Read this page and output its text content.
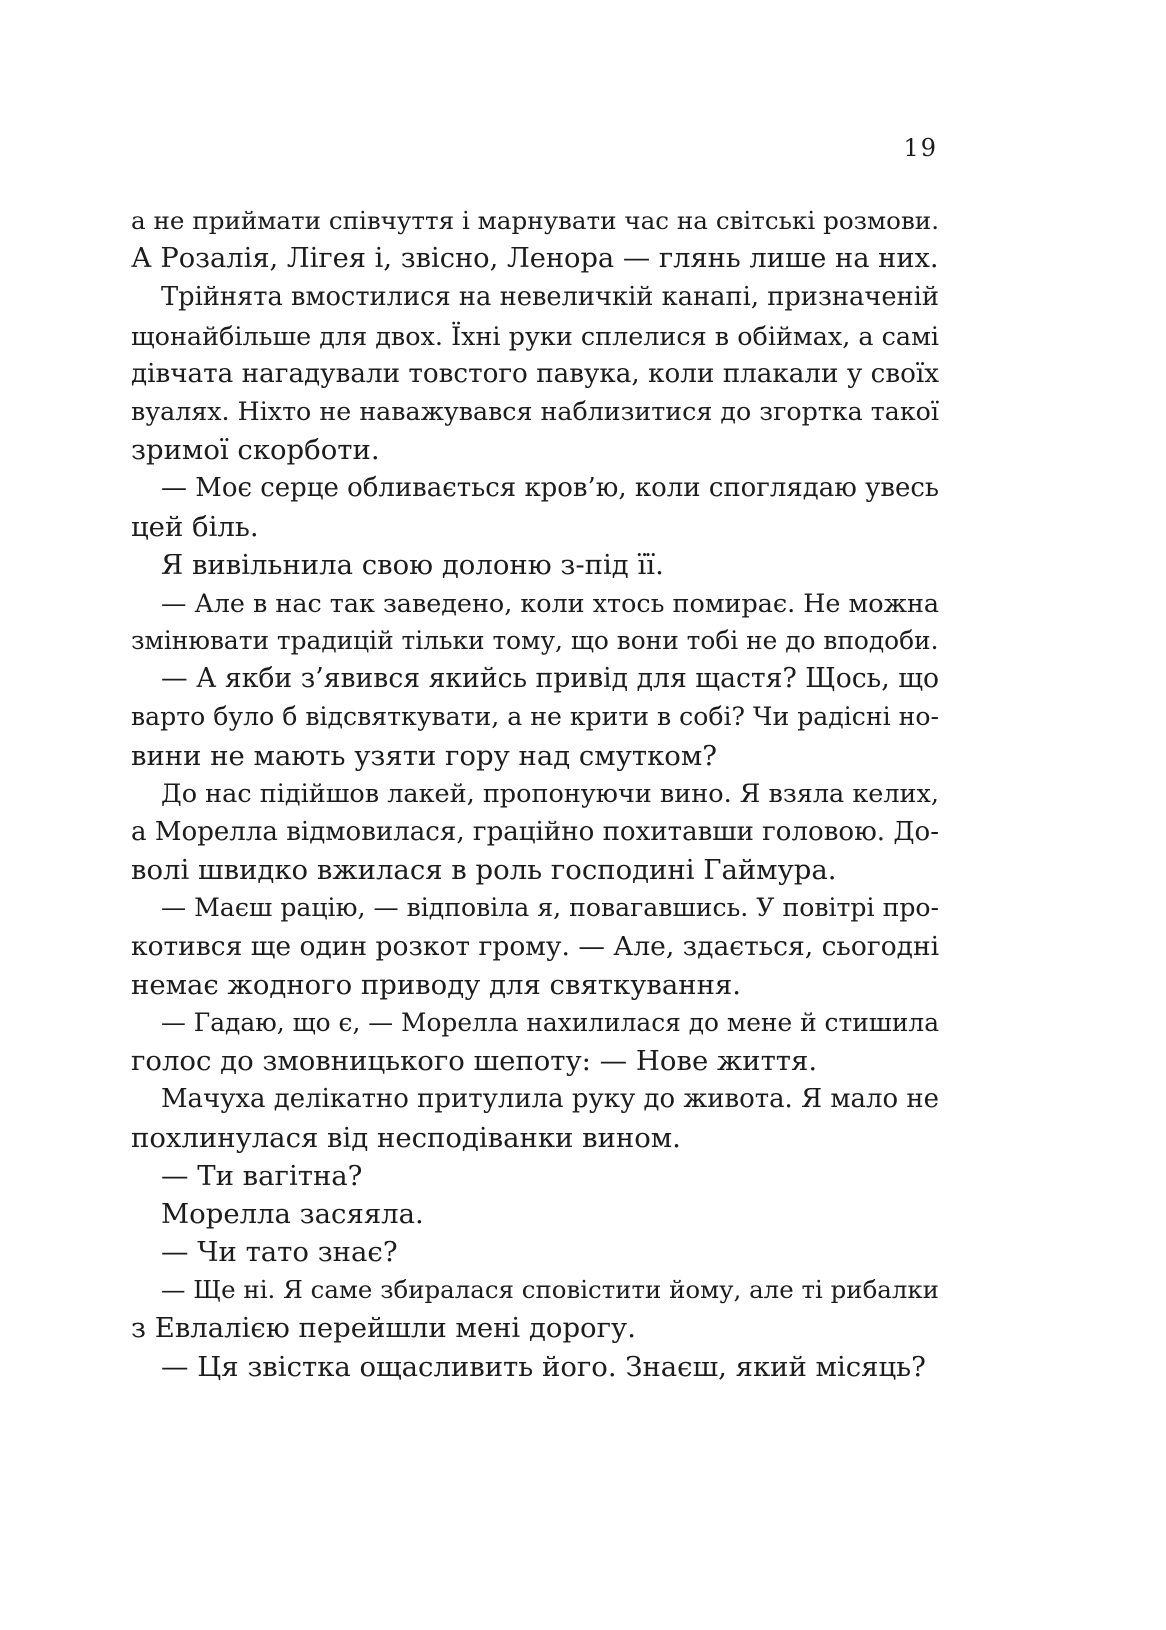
19
а не приймати співчуття і марнувати час на світські розмови.
А Розалія, Лігея і, звісно, Ленора — глянь лише на них.
Трійнята вмостилися на невеличкій канапі, призначеній
щонайбільше для двох. Їхні руки сплелися в обіймах, а самі
дівчата нагадували товстого павука, коли плакали у своїх
вуалях. Ніхто не наважувався наблизитися до згортка такої
зримої скорботи.
— Моє серце обливається кров’ю, коли споглядаю увесь
цей біль.
Я вивільнила свою долоню з-під її.
— Але в нас так заведено, коли хтось помирає. Не можна
змінювати традицій тільки тому, що вони тобі не до вподоби.
— А якби з’явився якийсь привід для щастя? Щось, що
варто було б відсвяткувати, а не крити в собі? Чи радісні но-
вини не мають узяти гору над смутком?
До нас підійшов лакей, пропонуючи вино. Я взяла келих,
а Морелла відмовилася, граційно похитавши головою. До-
волі швидко вжилася в роль господині Гаймура.
— Маєш рацію, — відповіла я, повагавшись. У повітрі про-
котився ще один розкот грому. — Але, здається, сьогодні
немає жодного приводу для святкування.
— Гадаю, що є, — Морелла нахилилася до мене й стишила
голос до змовницького шепоту: — Нове життя.
Мачуха делікатно притулила руку до живота. Я мало не
похлинулася від несподіванки вином.
— Ти вагітна?
Морелла засяяла.
— Чи тато знає?
— Ще ні. Я саме збиралася сповістити йому, але ті рибалки
з Евлалією перейшли мені дорогу.
— Ця звістка ощасливить його. Знаєш, який місяць?
